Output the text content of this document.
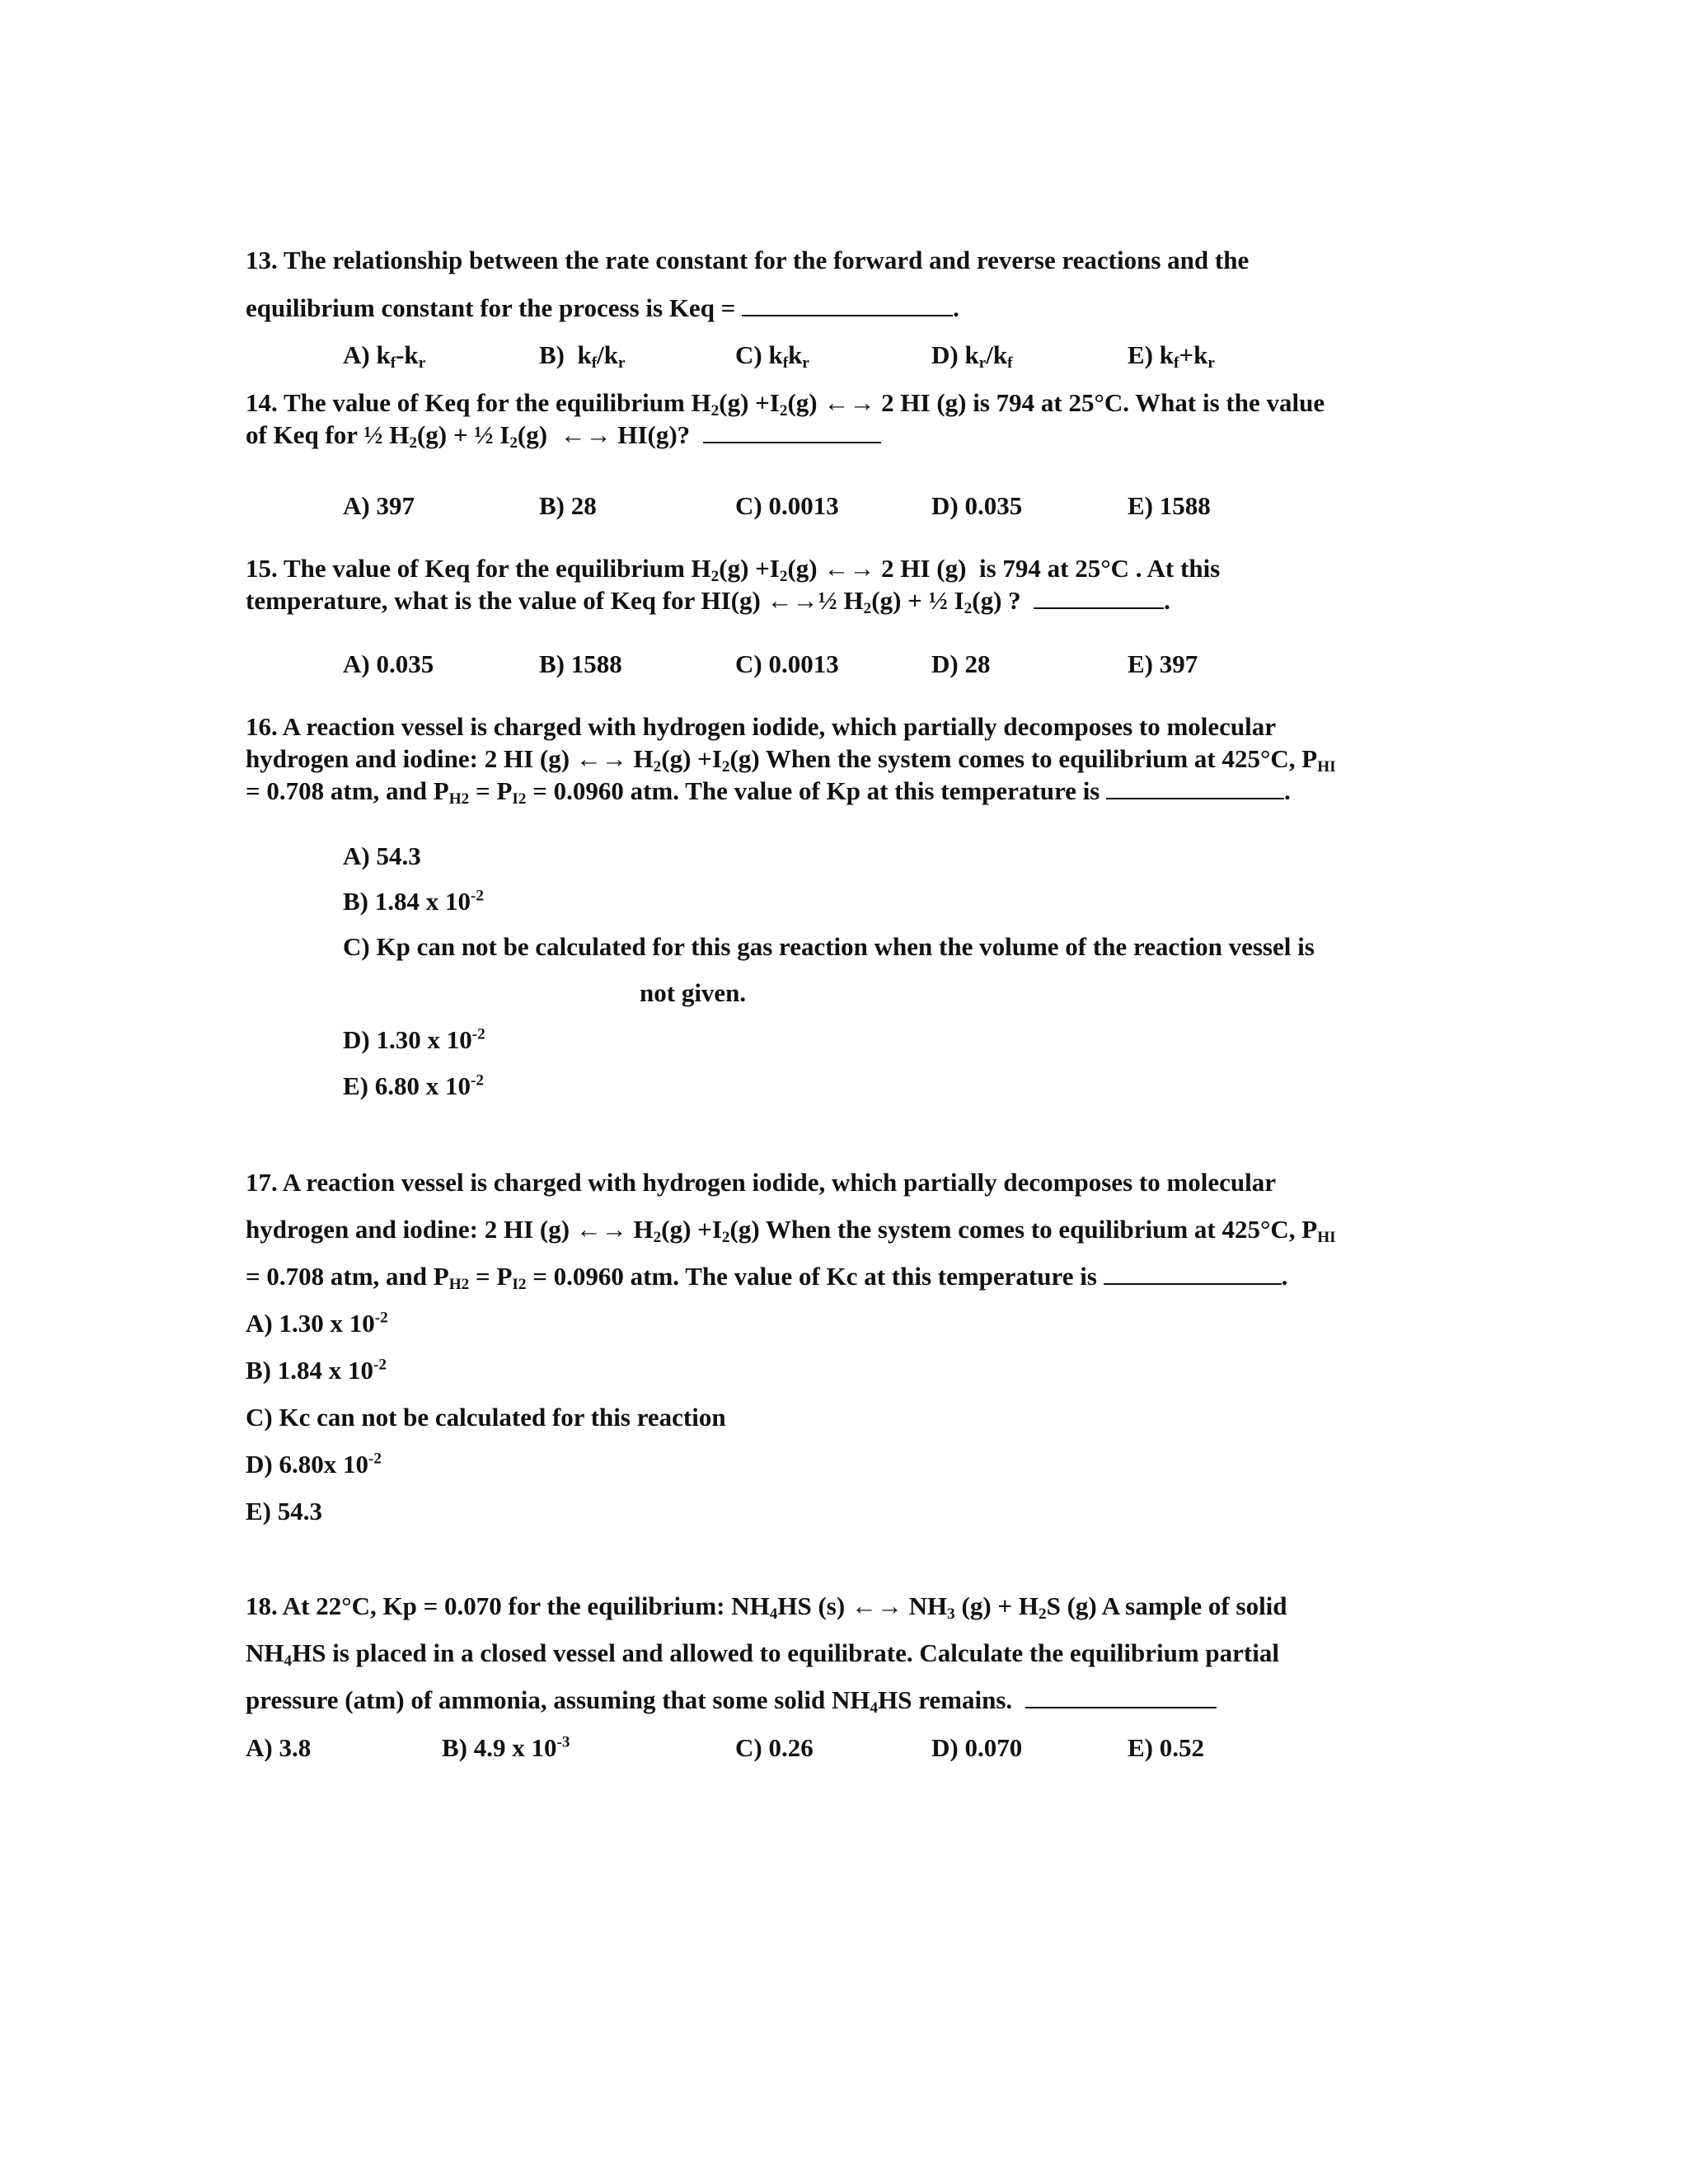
13. The relationship between the rate constant for the forward and reverse reactions and the
equilibrium constant for the process is Keq =	.
A) $k_f-k_r$	B)  $k_f/k_r$	C) $k_fk_r$	D) $k_r/k_f$	E) $k_f+k_r$
14. The value of Keq for the equilibrium $H_2(g) +I_2(g)$ ←→ 2 HI (g) is 794 at 25°C. What is the value
of Keq for ½ $H_2(g)$ + ½ $I_2(g)$  ←→ HI(g)?
A) 397	B) 28	C) 0.0013	D) 0.035	E) 1588
15. The value of Keq for the equilibrium $H_2(g) +I_2(g)$ ←→ 2 HI (g)  is 794 at 25°C . At this
temperature, what is the value of Keq for HI(g) ←→½ $H_2(g)$ + ½ $I_2(g)$ ?	.
A) 0.035	B) 1588	C) 0.0013	D) 28	E) 397
16. A reaction vessel is charged with hydrogen iodide, which partially decomposes to molecular
hydrogen and iodine: 2 HI (g) ←→ $H_2(g) +I_2(g)$ When the system comes to equilibrium at 425°C, $P_{HI}$
= 0.708 atm, and $P_{H2} = P_{I2} = 0.0960$ atm. The value of Kp at this temperature is	.
A) 54.3
B) 1.84 x $10^{-2}$
C) Kp can not be calculated for this gas reaction when the volume of the reaction vessel is
not given.
D) 1.30 x $10^{-2}$
E) 6.80 x $10^{-2}$
17. A reaction vessel is charged with hydrogen iodide, which partially decomposes to molecular
hydrogen and iodine: 2 HI (g) ←→ $H_2(g) +I_2(g)$ When the system comes to equilibrium at 425°C, $P_{HI}$
= 0.708 atm, and $P_{H2} = P_{I2} = 0.0960$ atm. The value of Kc at this temperature is	.
A) 1.30 x $10^{-2}$
B) 1.84 x $10^{-2}$
C) Kc can not be calculated for this reaction
D) 6.80x $10^{-2}$
E) 54.3
18. At 22°C, Kp = 0.070 for the equilibrium: $NH_4HS$ (s) ←→ $NH_3$ $(g) + H_2S$ (g) A sample of solid
$NH_4HS$ is placed in a closed vessel and allowed to equilibrate. Calculate the equilibrium partial
pressure (atm) of ammonia, assuming that some solid $NH_4HS$ remains.
A) 3.8	B) 4.9 x $10^{-3}$	C) 0.26	D) 0.070	E) 0.52
